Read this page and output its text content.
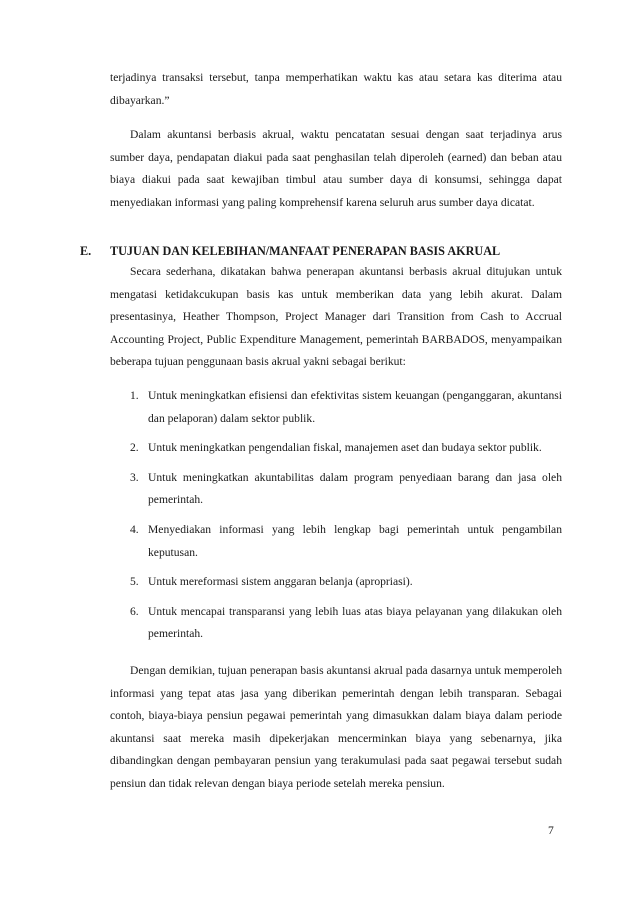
terjadinya transaksi tersebut, tanpa memperhatikan waktu kas atau setara kas diterima atau dibayarkan.”

Dalam akuntansi berbasis akrual, waktu pencatatan sesuai dengan saat terjadinya arus sumber daya, pendapatan diakui pada saat penghasilan telah diperoleh (earned) dan beban atau biaya diakui pada saat kewajiban timbul atau sumber daya di konsumsi, sehingga dapat menyediakan informasi yang paling komprehensif karena seluruh arus sumber daya dicatat.

E. TUJUAN DAN KELEBIHAN/MANFAAT PENERAPAN BASIS AKRUAL

Secara sederhana, dikatakan bahwa penerapan akuntansi berbasis akrual ditujukan untuk mengatasi ketidakcukupan basis kas untuk memberikan data yang lebih akurat. Dalam presentasinya, Heather Thompson, Project Manager dari Transition from Cash to Accrual Accounting Project, Public Expenditure Management, pemerintah BARBADOS, menyampaikan beberapa tujuan penggunaan basis akrual yakni sebagai berikut:

1. Untuk meningkatkan efisiensi dan efektivitas sistem keuangan (penganggaran, akuntansi dan pelaporan) dalam sektor publik.
2. Untuk meningkatkan pengendalian fiskal, manajemen aset dan budaya sektor publik.
3. Untuk meningkatkan akuntabilitas dalam program penyediaan barang dan jasa oleh pemerintah.
4. Menyediakan informasi yang lebih lengkap bagi pemerintah untuk pengambilan keputusan.
5. Untuk mereformasi sistem anggaran belanja (apropriasi).
6. Untuk mencapai transparansi yang lebih luas atas biaya pelayanan yang dilakukan oleh pemerintah.

Dengan demikian, tujuan penerapan basis akuntansi akrual pada dasarnya untuk memperoleh informasi yang tepat atas jasa yang diberikan pemerintah dengan lebih transparan. Sebagai contoh, biaya-biaya pensiun pegawai pemerintah yang dimasukkan dalam biaya dalam periode akuntansi saat mereka masih dipekerjakan mencerminkan biaya yang sebenarnya, jika dibandingkan dengan pembayaran pensiun yang terakumulasi pada saat pegawai tersebut sudah pensiun dan tidak relevan dengan biaya periode setelah mereka pensiun.

7
